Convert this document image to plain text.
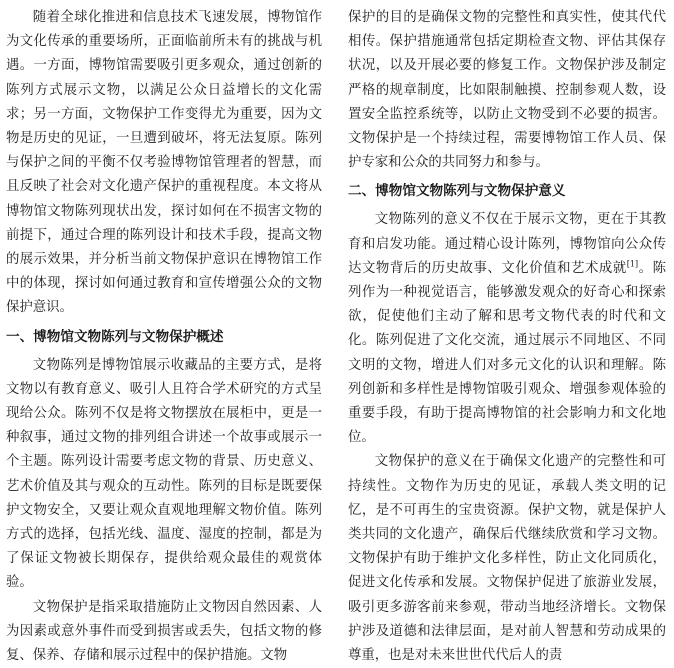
随着全球化推进和信息技术飞速发展，博物馆作为文化传承的重要场所，正面临前所未有的挑战与机遇。一方面，博物馆需要吸引更多观众，通过创新的陈列方式展示文物，以满足公众日益增长的文化需求；另一方面，文物保护工作变得尤为重要，因为文物是历史的见证，一旦遭到破坏，将无法复原。陈列与保护之间的平衡不仅考验博物馆管理者的智慧，而且反映了社会对文化遗产保护的重视程度。本文将从博物馆文物陈列现状出发，探讨如何在不损害文物的前提下，通过合理的陈列设计和技术手段，提高文物的展示效果，并分析当前文物保护意识在博物馆工作中的体现，探讨如何通过教育和宣传增强公众的文物保护意识。

一、博物馆文物陈列与文物保护概述

文物陈列是博物馆展示收藏品的主要方式，是将文物以有教育意义、吸引人且符合学术研究的方式呈现给公众。陈列不仅是将文物摆放在展柜中，更是一种叙事，通过文物的排列组合讲述一个故事或展示一个主题。陈列设计需要考虑文物的背景、历史意义、艺术价值及其与观众的互动性。陈列的目标是既要保护文物安全，又要让观众直观地理解文物价值。陈列方式的选择，包括光线、温度、湿度的控制，都是为了保证文物被长期保存，提供给观众最佳的观赏体验。

文物保护是指采取措施防止文物因自然因素、人为因素或意外事件而受到损害或丢失，包括文物的修复、保养、存储和展示过程中的保护措施。文物

保护的目的是确保文物的完整性和真实性，使其代代相传。保护措施通常包括定期检查文物、评估其保存状况，以及开展必要的修复工作。文物保护涉及制定严格的规章制度，比如限制触摸、控制参观人数，设置安全监控系统等，以防止文物受到不必要的损害。文物保护是一个持续过程，需要博物馆工作人员、保护专家和公众的共同努力和参与。

二、博物馆文物陈列与文物保护意义

文物陈列的意义不仅在于展示文物，更在于其教育和启发功能。通过精心设计陈列，博物馆向公众传达文物背后的历史故事、文化价值和艺术成就[1]。陈列作为一种视觉语言，能够激发观众的好奇心和探索欲，促使他们主动了解和思考文物代表的时代和文化。陈列促进了文化交流，通过展示不同地区、不同文明的文物，增进人们对多元文化的认识和理解。陈列创新和多样性是博物馆吸引观众、增强参观体验的重要手段，有助于提高博物馆的社会影响力和文化地位。

文物保护的意义在于确保文化遗产的完整性和可持续性。文物作为历史的见证，承载人类文明的记忆，是不可再生的宝贵资源。保护文物，就是保护人类共同的文化遗产，确保后代继续欣赏和学习文物。文物保护有助于维护文化多样性，防止文化同质化，促进文化传承和发展。文物保护促进了旅游业发展，吸引更多游客前来参观，带动当地经济增长。文物保护涉及道德和法律层面，是对前人智慧和劳动成果的尊重，也是对未来世世代代后人的责
